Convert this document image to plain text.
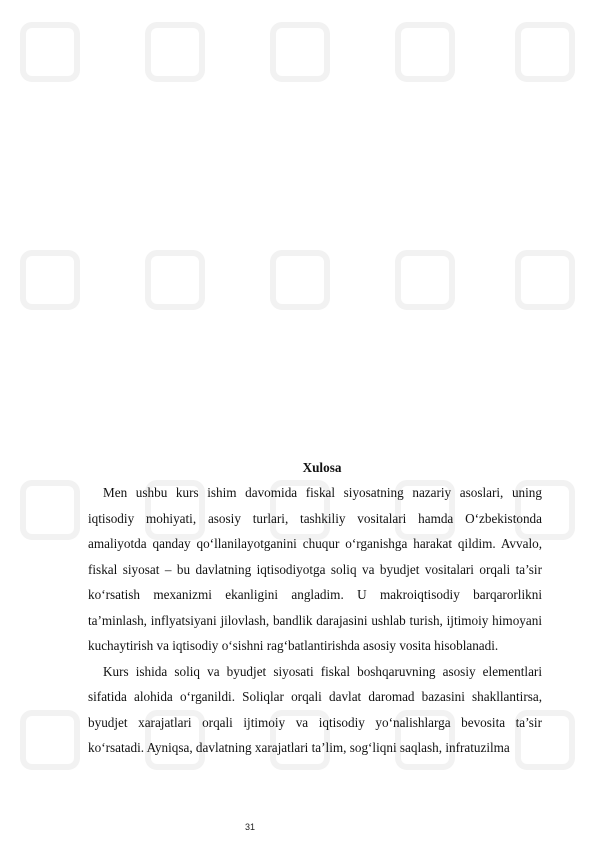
Xulosa

Men ushbu kurs ishim davomida fiskal siyosatning nazariy asoslari, uning iqtisodiy mohiyati, asosiy turlari, tashkiliy vositalari hamda O‘zbekistonda amaliyotda qanday qo‘llanilayotganini chuqur o‘rganishga harakat qildim. Avvalo, fiskal siyosat – bu davlatning iqtisodiyotga soliq va byudjet vositalari orqali ta’sir ko‘rsatish mexanizmi ekanligini angladim. U makroiqtisodiy barqarorlikni ta’minlash, inflyatsiyani jilovlash, bandlik darajasini ushlab turish, ijtimoiy himoyani kuchaytirish va iqtisodiy o‘sishni rag‘batlantirishda asosiy vosita hisoblanadi.

Kurs ishida soliq va byudjet siyosati fiskal boshqaruvning asosiy elementlari sifatida alohida o‘rganildi. Soliqlar orqali davlat daromad bazasini shakllantirsa, byudjet xarajatlari orqali ijtimoiy va iqtisodiy yo‘nalishlarga bevosita ta’sir ko‘rsatadi. Ayniqsa, davlatning xarajatlari ta’lim, sog‘liqni saqlash, infratuzilma

31
